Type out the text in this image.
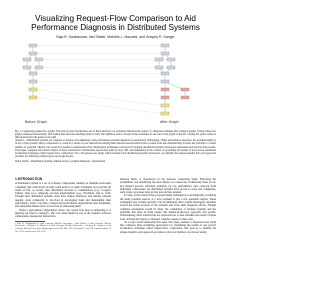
Visualizing Request-Flow Comparison to Aid Performance Diagnosis in Distributed Systems
Raja R. Sambasivan, Ilari Shafer, Michelle L. Mazurek, and Gregory R. Ganger
Before Graph	After Graph
Fig. 1. Comparing request-flow graphs. This side-by-side visualization, one of three interfaces we evaluated, illustrates the output of a diagnosis technique that compares graphs. It shows these two graphs juxtaposed horizontally, with dashed lines between matching nodes in both. The rightmost series of nodes in the screenshot do not exist in the graph on the left, causing the yellow nodes to shift downward in the graph on the right.

Abstract—Distributed systems are complex to develop and administer, and performance problem diagnosis is particularly challenging. When performance degrades, the problem might be in any of the system's many components or could be a result of poor interactions among them. Recent research efforts have created tools that automatically localize the problem to a small number of potential culprits, but research is needed to understand what visualization techniques work best for helping distributed systems developers understand and explore their results. This paper compares the relative merits of three well-known visualization approaches (side-by-side, diff, and animation) in the context of presenting the results of one proven automated localization technique called request-flow comparison. Via a 26-person user study, which included real distributed systems developers, we identify the unique benefits that each approach provides for different problem types and usage modes.

Index Terms—Distributed systems, human factors, problem diagnosis, visualization

1 INTRODUCTION

A distributed system is a set of software components running on multiple networked computers that collectively provide some service or result. Examples now pervade all walks of life, as society uses distributed services to communicate (e.g., Google's Gmail), shop (e.g., Amazon), provide entertainment (e.g., YouTube), and so forth. Though such distributed systems often have simple interfaces and usually respond quickly, great complexity is involved in developing them and maintaining their performance levels over time. Unexpected performance degradations arise frequently, and substantial human effort is involved in addressing them.

When a performance degradation arises, the crucial first step in addressing it is figuring out what is causing it. The root cause might be any of the system's software components, unexpected interactions

• Raja R. Sambasivan is with Carnegie Mellon University. • Ilari Shafer is with Carnegie Mellon University. • Michelle L. Mazurek is with Carnegie Mellon University. • Gregory R. Ganger is with Carnegie Mellon University. Manuscript received 31 Mar. 2013; accepted 1 Aug. 2013; posted online 13 Oct. 2013; mailed on 4 Oct. 2013.

between them, or slowdowns in the network connecting them. Exploring the possibilities and identifying the most likely root causes has traditionally been an ad-hoc manual process, informed primarily by raw performance data collected from individual components. As distributed systems have grown in scale and complexity, such ad-hoc processes have grown less and less tenable.

To help, recent research has proposed many techniques for automatically localizing the many possible sources of a new problem to just a few potential culprits. These techniques vary in their specifics, but all ultimately aim to guide developers' attention toward the actual location of the problem and focus their diagnosis efforts. Though complete automation would be ideal, the complexity of modern systems and the problems that arise in them ensure this human-in-the-loop approach will persist. Unfortunately, most research has not explored how to best visualize the results of these tools, leaving developers to interpret complex output on their own.

As a step toward addressing this need, this paper presents a 26-person user study that compares three promising approaches for visualizing the results of one proven localization technique called request-flow comparison. Our goal is to identify the unique benefits each approach provides so that tool builders can choose wisely.
